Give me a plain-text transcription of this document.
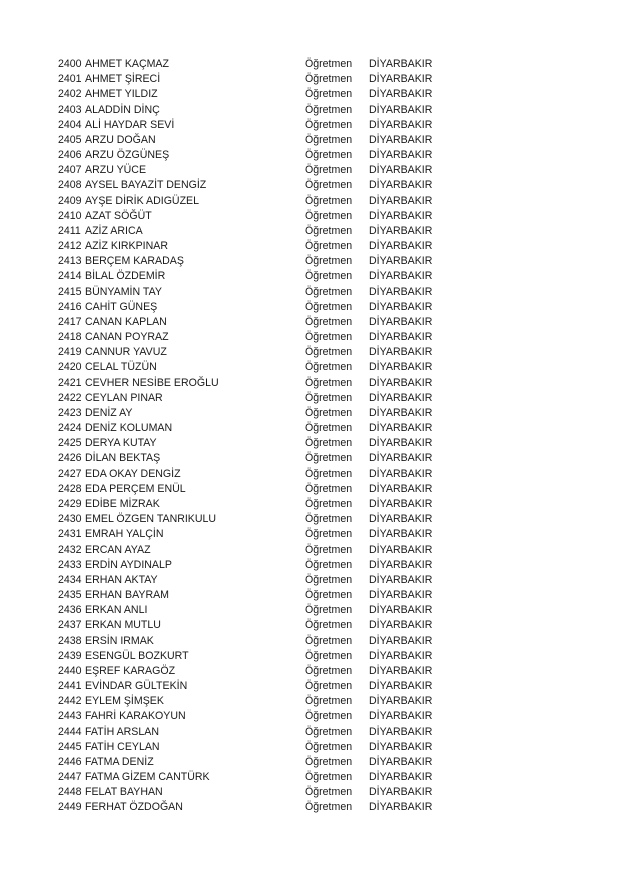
2400 AHMET KAÇMAZ	Öğretmen	DİYARBAKIR
2401 AHMET ŞİRECİ	Öğretmen	DİYARBAKIR
2402 AHMET YILDIZ	Öğretmen	DİYARBAKIR
2403 ALADDİN DİNÇ	Öğretmen	DİYARBAKIR
2404 ALİ HAYDAR SEVİ	Öğretmen	DİYARBAKIR
2405 ARZU DOĞAN	Öğretmen	DİYARBAKIR
2406 ARZU ÖZGÜNEŞ	Öğretmen	DİYARBAKIR
2407 ARZU YÜCE	Öğretmen	DİYARBAKIR
2408 AYSEL BAYAZİT DENGİZ	Öğretmen	DİYARBAKIR
2409 AYŞE DİRİK ADIGÜZEL	Öğretmen	DİYARBAKIR
2410 AZAT SÖĞÜT	Öğretmen	DİYARBAKIR
2411 AZİZ ARICA	Öğretmen	DİYARBAKIR
2412 AZİZ KIRKPINAR	Öğretmen	DİYARBAKIR
2413 BERÇEM KARADAŞ	Öğretmen	DİYARBAKIR
2414 BİLAL ÖZDEMİR	Öğretmen	DİYARBAKIR
2415 BÜNYAMİN TAY	Öğretmen	DİYARBAKIR
2416 CAHİT GÜNEŞ	Öğretmen	DİYARBAKIR
2417 CANAN KAPLAN	Öğretmen	DİYARBAKIR
2418 CANAN POYRAZ	Öğretmen	DİYARBAKIR
2419 CANNUR YAVUZ	Öğretmen	DİYARBAKIR
2420 CELAL TÜZÜN	Öğretmen	DİYARBAKIR
2421 CEVHER NESİBE EROĞLU	Öğretmen	DİYARBAKIR
2422 CEYLAN PINAR	Öğretmen	DİYARBAKIR
2423 DENİZ AY	Öğretmen	DİYARBAKIR
2424 DENİZ KOLUMAN	Öğretmen	DİYARBAKIR
2425 DERYA KUTAY	Öğretmen	DİYARBAKIR
2426 DİLAN BEKTAŞ	Öğretmen	DİYARBAKIR
2427 EDA OKAY DENGİZ	Öğretmen	DİYARBAKIR
2428 EDA PERÇEM ENÜL	Öğretmen	DİYARBAKIR
2429 EDİBE MİZRAK	Öğretmen	DİYARBAKIR
2430 EMEL ÖZGEN TANRIKULU	Öğretmen	DİYARBAKIR
2431 EMRAH YALÇİN	Öğretmen	DİYARBAKIR
2432 ERCAN AYAZ	Öğretmen	DİYARBAKIR
2433 ERDİN AYDINALP	Öğretmen	DİYARBAKIR
2434 ERHAN AKTAY	Öğretmen	DİYARBAKIR
2435 ERHAN BAYRAM	Öğretmen	DİYARBAKIR
2436 ERKAN ANLI	Öğretmen	DİYARBAKIR
2437 ERKAN MUTLU	Öğretmen	DİYARBAKIR
2438 ERSİN IRMAK	Öğretmen	DİYARBAKIR
2439 ESENGÜL BOZKURT	Öğretmen	DİYARBAKIR
2440 EŞREF KARAGÖZ	Öğretmen	DİYARBAKIR
2441 EVİNDAR GÜLTEKİN	Öğretmen	DİYARBAKIR
2442 EYLEM ŞİMŞEK	Öğretmen	DİYARBAKIR
2443 FAHRİ KARAKOYUN	Öğretmen	DİYARBAKIR
2444 FATİH ARSLAN	Öğretmen	DİYARBAKIR
2445 FATİH CEYLAN	Öğretmen	DİYARBAKIR
2446 FATMA DENİZ	Öğretmen	DİYARBAKIR
2447 FATMA GİZEM CANTÜRK	Öğretmen	DİYARBAKIR
2448 FELAT BAYHAN	Öğretmen	DİYARBAKIR
2449 FERHAT ÖZDOĞAN	Öğretmen	DİYARBAKIR
